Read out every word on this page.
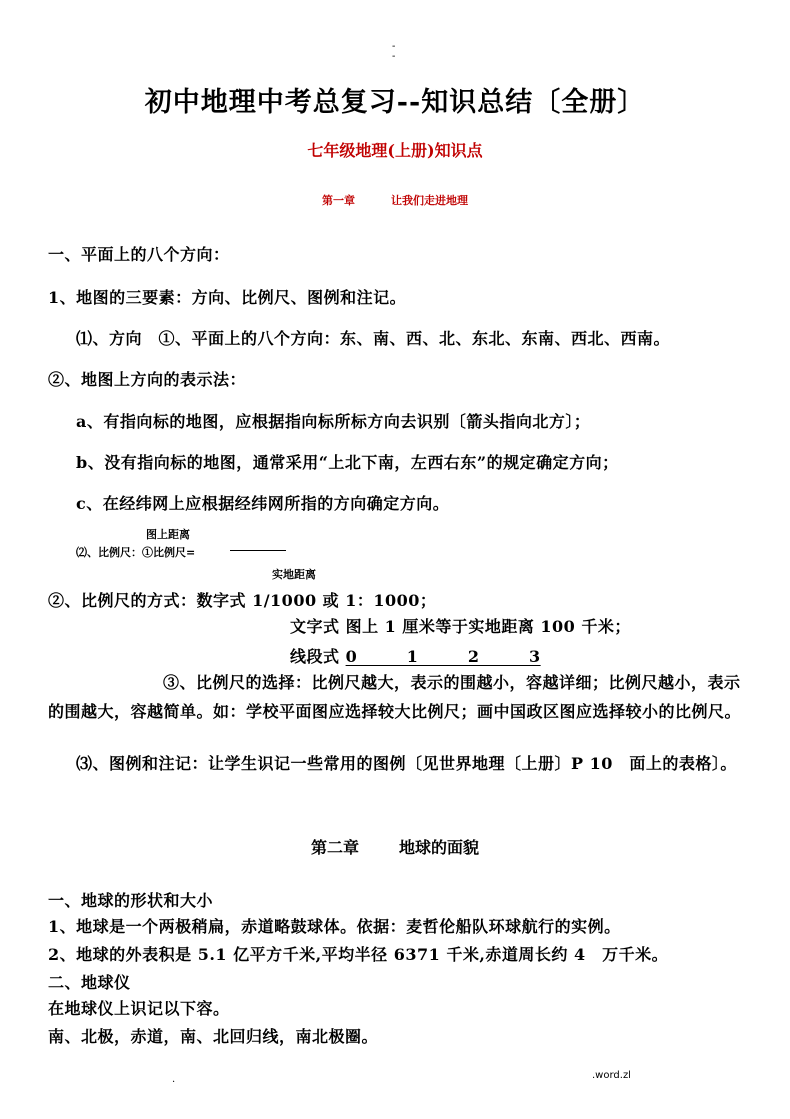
-
-
初中地理中考总复习--知识总结〔全册〕
七年级地理(上册)知识点
第一章	让我们走进地理
一、平面上的八个方向：
1、地图的三要素：方向、比例尺、图例和注记。
⑴、方向　①、平面上的八个方向：东、南、西、北、东北、东南、西北、西南。
②、地图上方向的表示法：
a、有指向标的地图，应根据指向标所标方向去识别〔箭头指向北方〕；
b、没有指向标的地图，通常采用“上北下南，左西右东”的规定确定方向；
c、在经纬网上应根据经纬网所指的方向确定方向。
图上距离
⑵、比例尺：①比例尺=
实地距离
②、比例尺的方式：数字式 1/1000 或 1：1000；
文字式 图上 1 厘米等于实地距离 100 千米；
线段式 0　　　1　　　2　　　3
③、比例尺的选择：比例尺越大，表示的围越小，容越详细；比例尺越小，表示的围越大，容越简单。如：学校平面图应选择较大比例尺；画中国政区图应选择较小的比例尺。
⑶、图例和注记：让学生识记一些常用的图例〔见世界地理〔上册〕P 10　面上的表格〕。
第二章	地球的面貌
一、地球的形状和大小
1、地球是一个两极稍扁，赤道略鼓球体。依据：麦哲伦船队环球航行的实例。
2、地球的外表积是 5.1 亿平方千米,平均半径 6371 千米,赤道周长约 4　万千米。
二、地球仪
在地球仪上识记以下容。
南、北极，赤道，南、北回归线，南北极圈。
.	.word.zl
